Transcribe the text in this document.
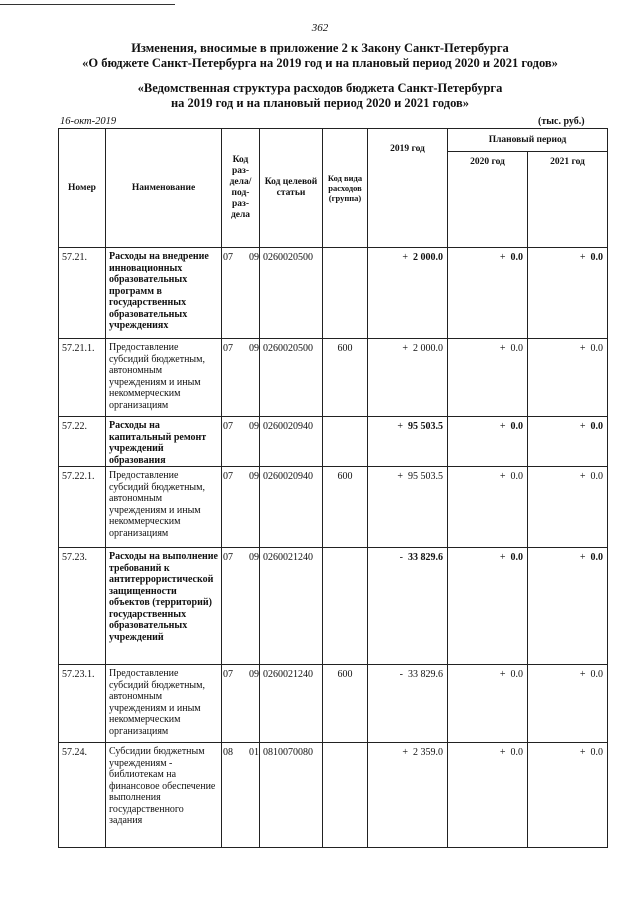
362
Изменения, вносимые в приложение 2 к Закону Санкт-Петербурга
«О бюджете Санкт-Петербурга на 2019 год и на плановый период 2020 и 2021 годов»
«Ведомственная структура расходов бюджета Санкт-Петербурга
на 2019 год и на плановый период 2020 и 2021 годов»
16-окт-2019	(тыс. руб.)
Номер	Наименование	Код раз- дела/ под- раз- дела	Код целевой статьи	Код вида расходов (группа)	2019 год	Плановый период	
						2020 год	2021 год
57.21.	Расходы на внедрение инновационных образовательных программ в государственных образовательных учреждениях	07 09	0260020500		+ 2 000.0	+ 0.0	+ 0.0
57.21.1.	Предоставление субсидий бюджетным, автономным учреждениям и иным некоммерческим организациям	07 09	0260020500	600	+ 2 000.0	+ 0.0	+ 0.0
57.22.	Расходы на капитальный ремонт учреждений образования	07 09	0260020940		+ 95 503.5	+ 0.0	+ 0.0
57.22.1.	Предоставление субсидий бюджетным, автономным учреждениям и иным некоммерческим организациям	07 09	0260020940	600	+ 95 503.5	+ 0.0	+ 0.0
57.23.	Расходы на выполнение требований к антитеррористической защищенности объектов (территорий) государственных образовательных учреждений	07 09	0260021240		- 33 829.6	+ 0.0	+ 0.0
57.23.1.	Предоставление субсидий бюджетным, автономным учреждениям и иным некоммерческим организациям	07 09	0260021240	600	- 33 829.6	+ 0.0	+ 0.0
57.24.	Субсидии бюджетным учреждениям - библиотекам на финансовое обеспечение выполнения государственного задания	08 01	0810070080		+ 2 359.0	+ 0.0	+ 0.0
